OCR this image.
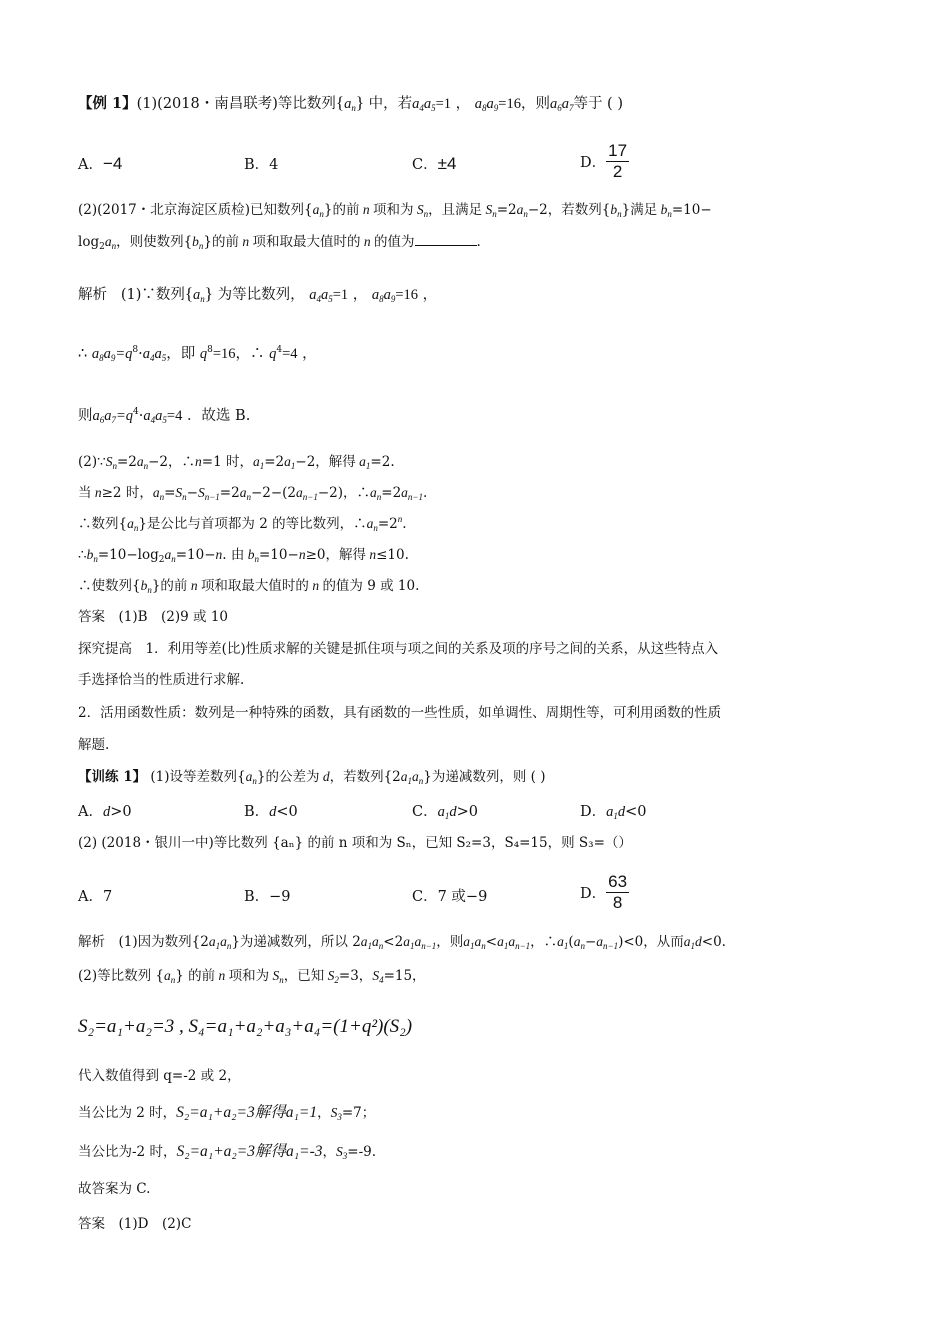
【例 1】(1)(2018・南昌联考)等比数列$\{a_n\}$ 中，若$a_4a_5=1$ ， $a_8a_9=16$，则$a_6a_7$等于 ( )
A．−4	B．4	C．±4	D． $\frac{17}{2}$
(2)(2017・北京海淀区质检)已知数列$\{a_n\}$的前 n 项和为 $S_n$，且满足 $S_n=2a_n-2$，若数列$\{b_n\}$满足 $b_n=10-$
$\log_2a_n$，则使数列$\{b_n\}$的前 n 项和取最大值时的 n 的值为	.
解析 (1)∵数列$\{a_n\}$ 为等比数列， $a_4a_5=1$ ， $a_8a_9=16$ ，
∴ $a_8a_9=q^8\cdot a_4a_5$，即 $q^8=16$，∴ $q^4=4$ ，
则$a_6a_7=q^4\cdot a_4a_5=4$ ．故选 B.
$(2)\because S_n=2a_n-2$，∴n=1 时，$a_1=2a_1-2$，解得 $a_1=2$.
当 n≥2 时，$a_n=S_n-S_{n-1}=2a_n-2-(2a_{n-1}-2)$，$\therefore a_n=2a_{n-1}$.
∴数列$\{a_n\}$是公比与首项都为 2 的等比数列，$\therefore a_n=2^n$.
$\therefore b_n=10-\log_2a_n=10-n$. 由 $b_n=10-n\ge 0$，解得 n≤10.
∴使数列$\{b_n\}$的前 n 项和取最大值时的 n 的值为 9 或 10.
答案　(1)B　(2)9 或 10
探究提高　1．利用等差(比)性质求解的关键是抓住项与项之间的关系及项的序号之间的关系，从这些特点入
手选择恰当的性质进行求解.
2．活用函数性质：数列是一种特殊的函数，具有函数的一些性质，如单调性、周期性等，可利用函数的性质
解题.
【训练 1】 (1)设等差数列$\{a_n\}$的公差为 d，若数列$\{2a_1a_n\}$为递减数列，则 ( )
A．d>0	B．d<0	C．$a_1d>0$	D．$a_1d<0$
(2) (2018・银川一中)等比数列 {aₙ} 的前 n 项和为 Sₙ，已知 S₂=3，S₄=15，则 S₃=（）
A．7	B．−9	C．7 或−9	D． $\frac{63}{8}$
解析　(1)因为数列$\{2a_1a_n\}$为递减数列，所以 $2a_1a_n<2a_1a_{n-1}$，则$a_1a_n<a_1a_{n-1}$，$\therefore a_1(a_n-a_{n-1})<0$，从而$a_1d<0$.
(2)等比数列 $\{a_n\}$ 的前 n 项和为 $S_n$，已知 $S_2=3$，$S_4=15$，
S₂=a₁+a₂=3 , S₄=a₁+a₂+a₃+a₄=(1+q²)(S₂)
代入数值得到 q=-2 或 2，
当公比为 2 时，S₂=a₁+a₂=3解得a₁=1，$S_3=7$；
当公比为-2 时，S₂=a₁+a₂=3解得a₁=-3，$S_3=-9$.
故答案为 C.
答案　(1)D　(2)C
